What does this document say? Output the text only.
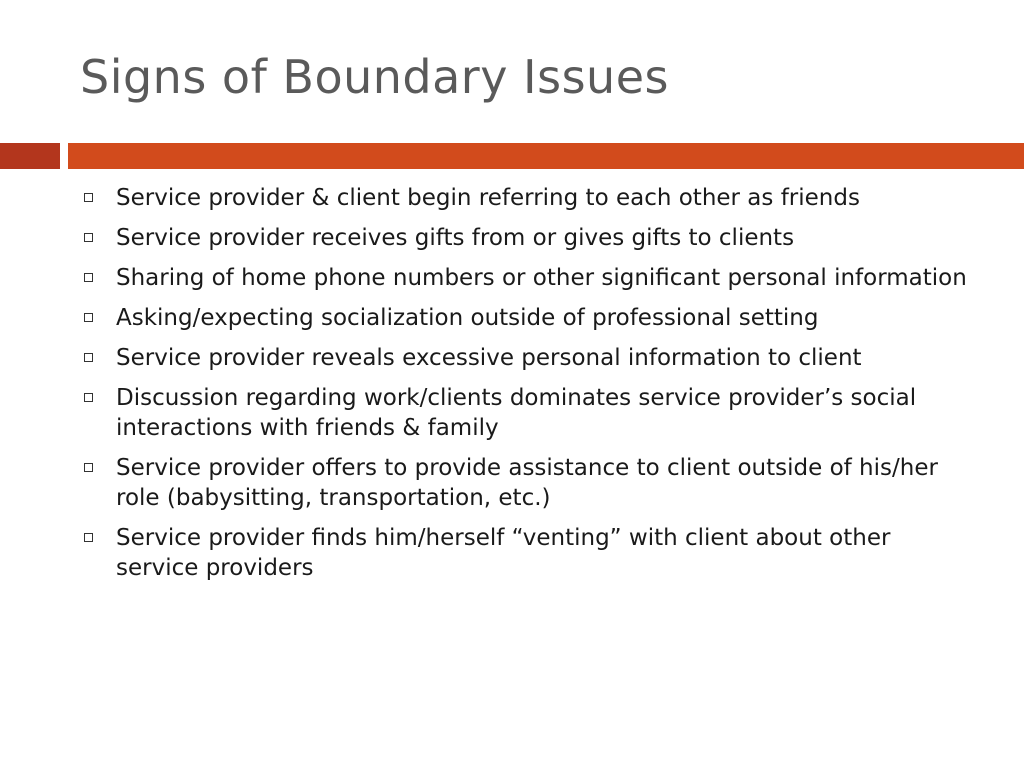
Signs of Boundary Issues
Service provider & client begin referring to each other as friends
Service provider receives gifts from or gives gifts to clients
Sharing of home phone numbers or other significant personal information
Asking/expecting socialization outside of professional setting
Service provider reveals excessive personal information to client
Discussion regarding work/clients dominates service provider’s social interactions with friends & family
Service provider offers to provide assistance to client outside of his/her role (babysitting, transportation, etc.)
Service provider finds him/herself “venting” with client about other service providers
